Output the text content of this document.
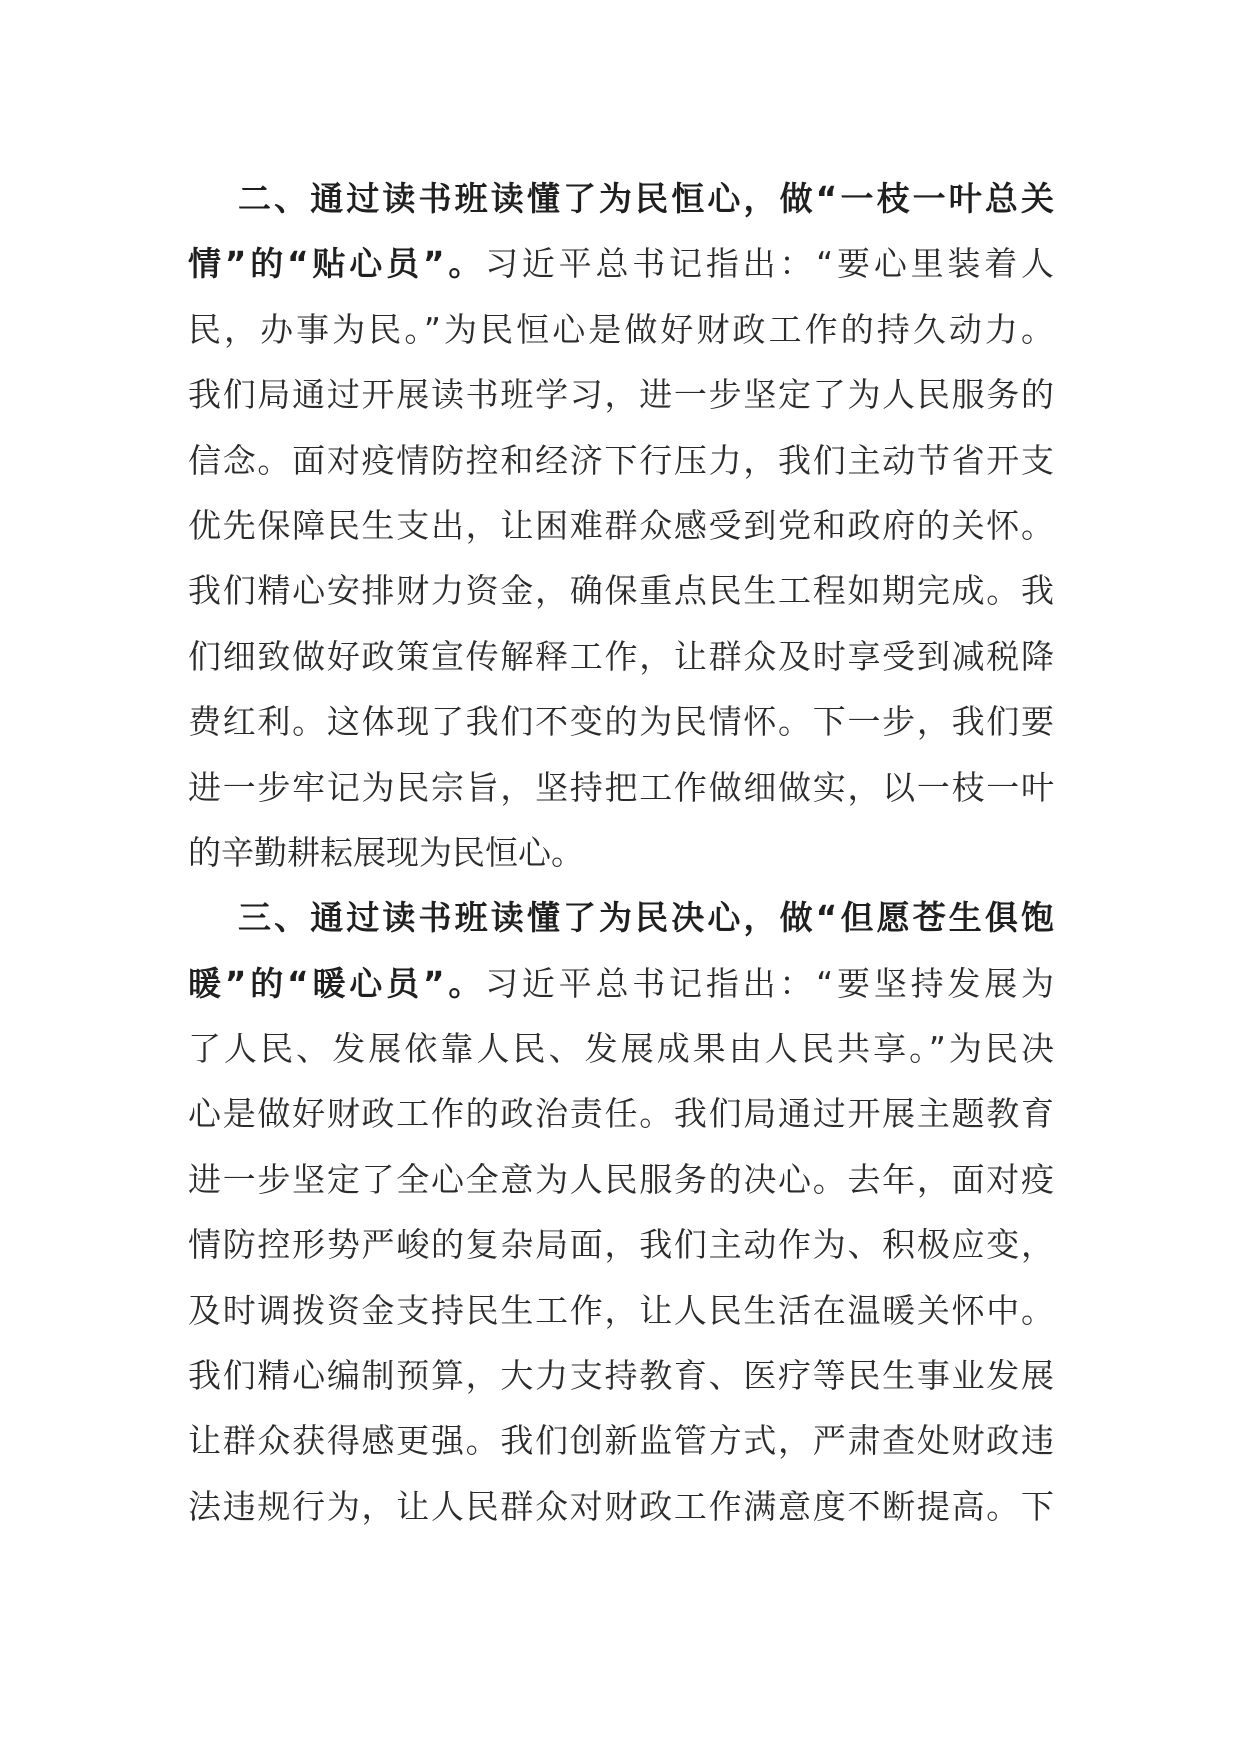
二、通过读书班读懂了为民恒心，做“一枝一叶总关
情”的“贴心员”。习近平总书记指出：“要心里装着人
民，办事为民。”为民恒心是做好财政工作的持久动力。
我们局通过开展读书班学习，进一步坚定了为人民服务的
信念。面对疫情防控和经济下行压力，我们主动节省开支
优先保障民生支出，让困难群众感受到党和政府的关怀。
我们精心安排财力资金，确保重点民生工程如期完成。我
们细致做好政策宣传解释工作，让群众及时享受到减税降
费红利。这体现了我们不变的为民情怀。下一步，我们要
进一步牢记为民宗旨，坚持把工作做细做实，以一枝一叶
的辛勤耕耘展现为民恒心。
三、通过读书班读懂了为民决心，做“但愿苍生俱饱
暖”的“暖心员”。习近平总书记指出：“要坚持发展为
了人民、发展依靠人民、发展成果由人民共享。”为民决
心是做好财政工作的政治责任。我们局通过开展主题教育
进一步坚定了全心全意为人民服务的决心。去年，面对疫
情防控形势严峻的复杂局面，我们主动作为、积极应变，
及时调拨资金支持民生工作，让人民生活在温暖关怀中。
我们精心编制预算，大力支持教育、医疗等民生事业发展
让群众获得感更强。我们创新监管方式，严肃查处财政违
法违规行为，让人民群众对财政工作满意度不断提高。下
